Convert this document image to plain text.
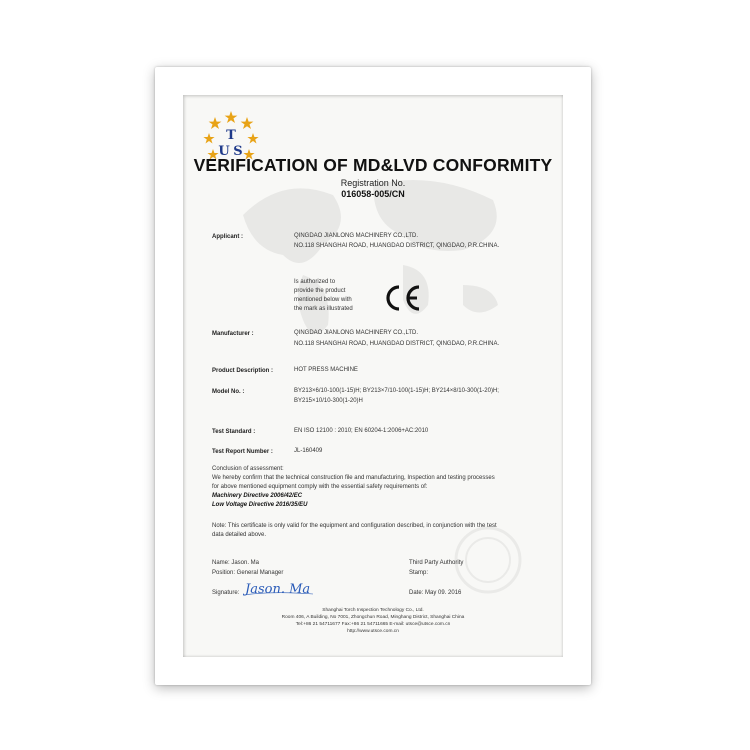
T
U S
VERIFICATION OF MD&LVD CONFORMITY
Registration No.
016058-005/CN
Applicant :	QINGDAO JIANLONG MACHINERY CO.,LTD.
NO.118 SHANGHAI ROAD, HUANGDAO DISTRICT, QINGDAO, P.R.CHINA.
Is authorized to
provide the product
mentioned below with
the mark as illustrated
Manufacturer :	QINGDAO JIANLONG MACHINERY CO.,LTD.
NO.118 SHANGHAI ROAD, HUANGDAO DISTRICT, QINGDAO, P.R.CHINA.
Product Description :	HOT PRESS MACHINE
Model No. :	BY213×6/10-100(1-15)H; BY213×7/10-100(1-15)H; BY214×8/10-300(1-20)H;
BY215×10/10-300(1-20)H
Test Standard :	EN ISO 12100 : 2010; EN 60204-1:2006+AC:2010
Test Report Number :	JL-160409
Conclusion of assessment:
We hereby confirm that the technical construction file and manufacturing, Inspection and testing processes
for above mentioned equipment comply with the essential safety requirements of:
Machinery Directive 2006/42/EC
Low Voltage Directive 2016/35/EU
Note: This certificate is only valid for the equipment and configuration described, in conjunction with the test
data detailed above.
Name: Jason. Ma
Position: General Manager
Signature: Jason. Ma
Third Party Authority
Stamp:
Date: May 09. 2016
Shanghai Torch Inspection Technology Co., Ltd.
Room 406, A Building, No 7001, Zhongchun Road, Minghang District, Shanghai China
Tel:+86 21 54711677 Fax:+86 21 54711665 E-mail: utsce@utsce.com.cn
http://www.utsce.com.cn
